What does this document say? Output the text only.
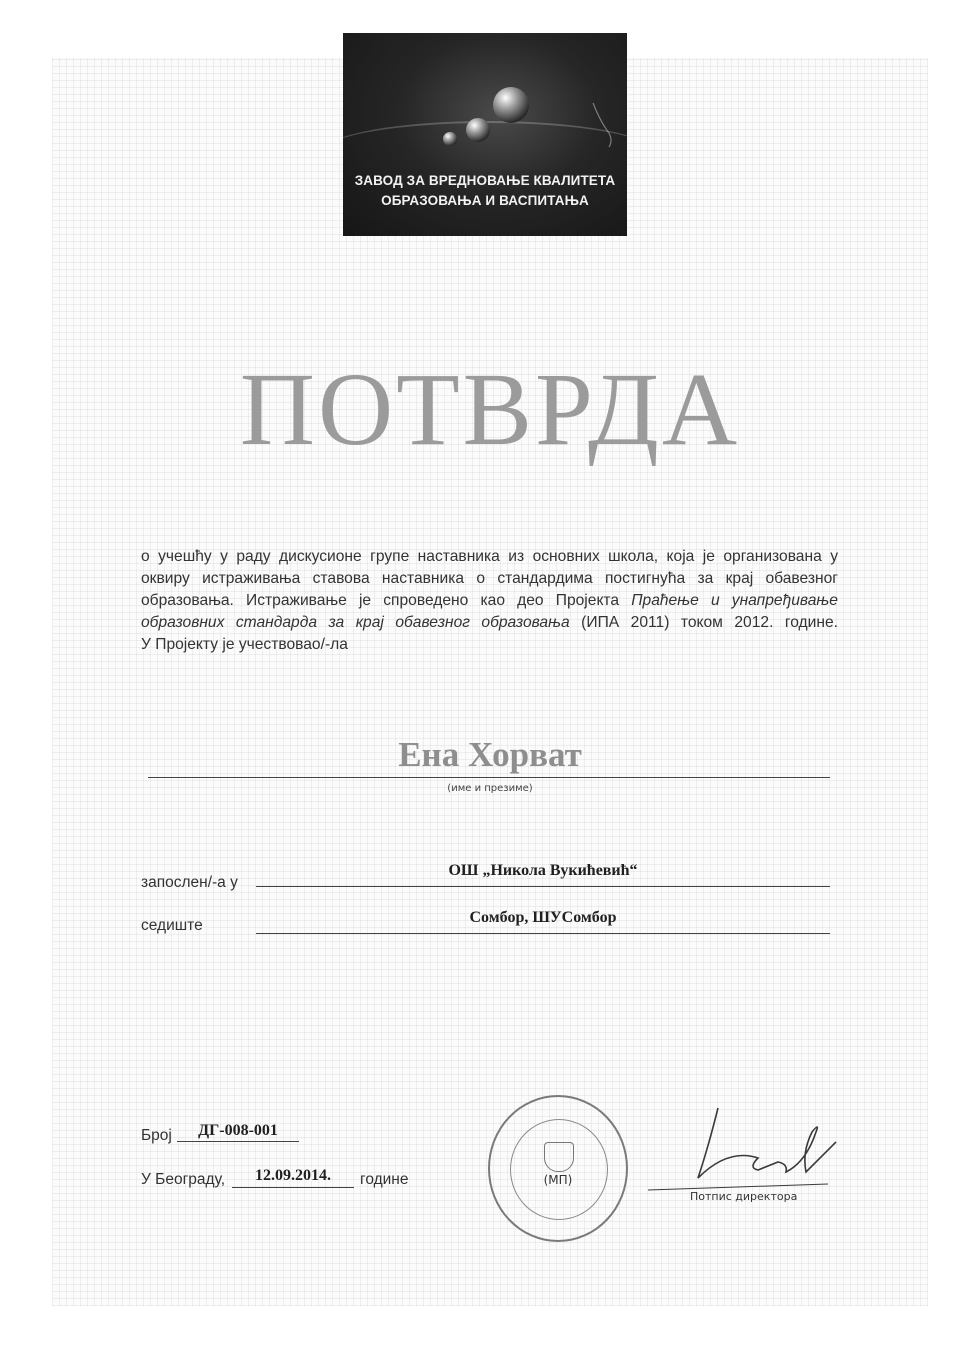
ЗАВОД ЗА ВРЕДНОВАЊЕ КВАЛИТЕТА
ОБРАЗОВАЊА И ВАСПИТАЊА
ПОТВРДА
о учешћу у раду дискусионе групе наставника из основних школа, која је организована у
оквиру истраживања ставова наставника о стандардима постигнућа за крај обавезног
образовања. Истраживање је спроведено као део Пројекта Праћење и унапређивање
образовних стандарда за крај обавезног образовања (ИПА 2011) током 2012. године.
У Пројекту је учествовао/-ла
Ена Хорват
(име и презиме)
запослен/-а у
ОШ „Никола Вукићевић“
седиште	Сомбор, ШУСомбор
Број	ДГ-008-001
У Београду,	12.09.2014.	године	(МП)
Потпис директора
